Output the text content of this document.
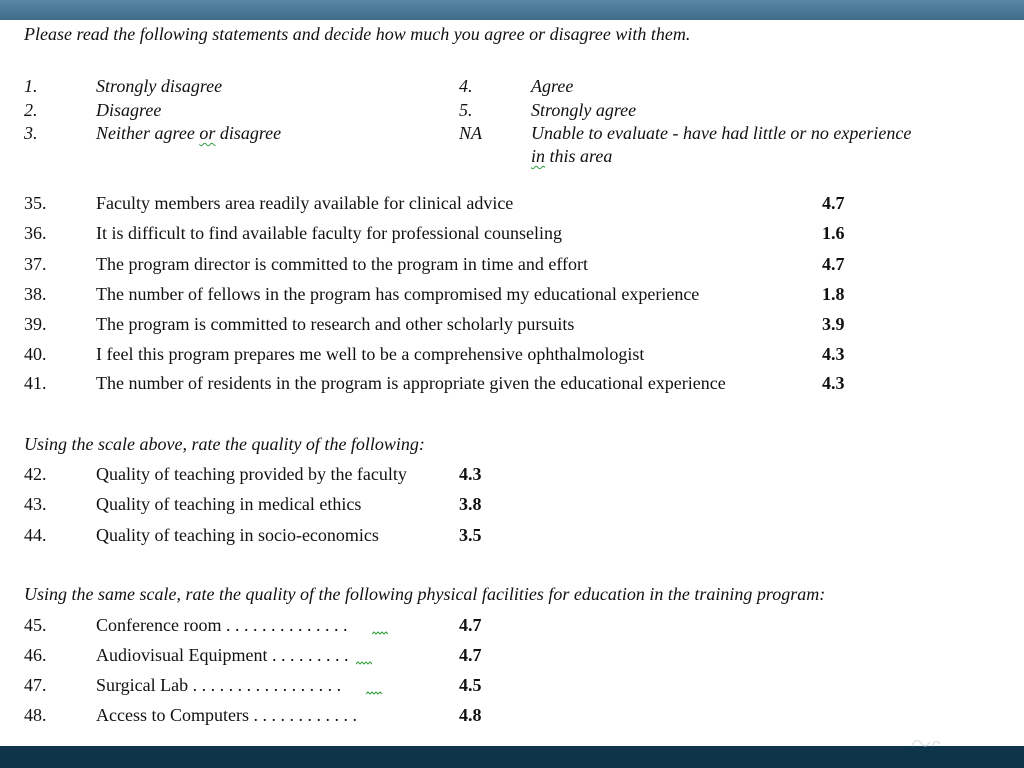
Please read the following statements and decide how much you agree or disagree with them.
1.	Strongly disagree
2.	Disagree
3.	Neither agree or disagree
4.	Agree
5.	Strongly agree
NA	Unable to evaluate - have had little or no experience
in this area
35.	Faculty members area readily available for clinical advice	4.7
36.	It is difficult to find available faculty for professional counseling	1.6
37.	The program director is committed to the program in time and effort	4.7
38.	The number of fellows in the program has compromised my educational experience	1.8
39.	The program is committed to research and other scholarly pursuits	3.9
40.	I feel this program prepares me well to be a comprehensive ophthalmologist	4.3
41.	The number of residents in the program is appropriate given the educational experience	4.3
Using the scale above, rate the quality of the following:
42.	Quality of teaching provided by the faculty	4.3
43.	Quality of teaching in medical ethics	3.8
44.	Quality of teaching in socio-economics	3.5
Using the same scale, rate the quality of the following physical facilities for education in the training program:
45.	Conference room . . . . . . . . . . . . . .	4.7
46.	Audiovisual Equipment . . . . . . . . .	4.7
47.	Surgical Lab . . . . . . . . . . . . . . . . .	4.5
48.	Access to Computers . . . . . . . . . . . .	4.8
